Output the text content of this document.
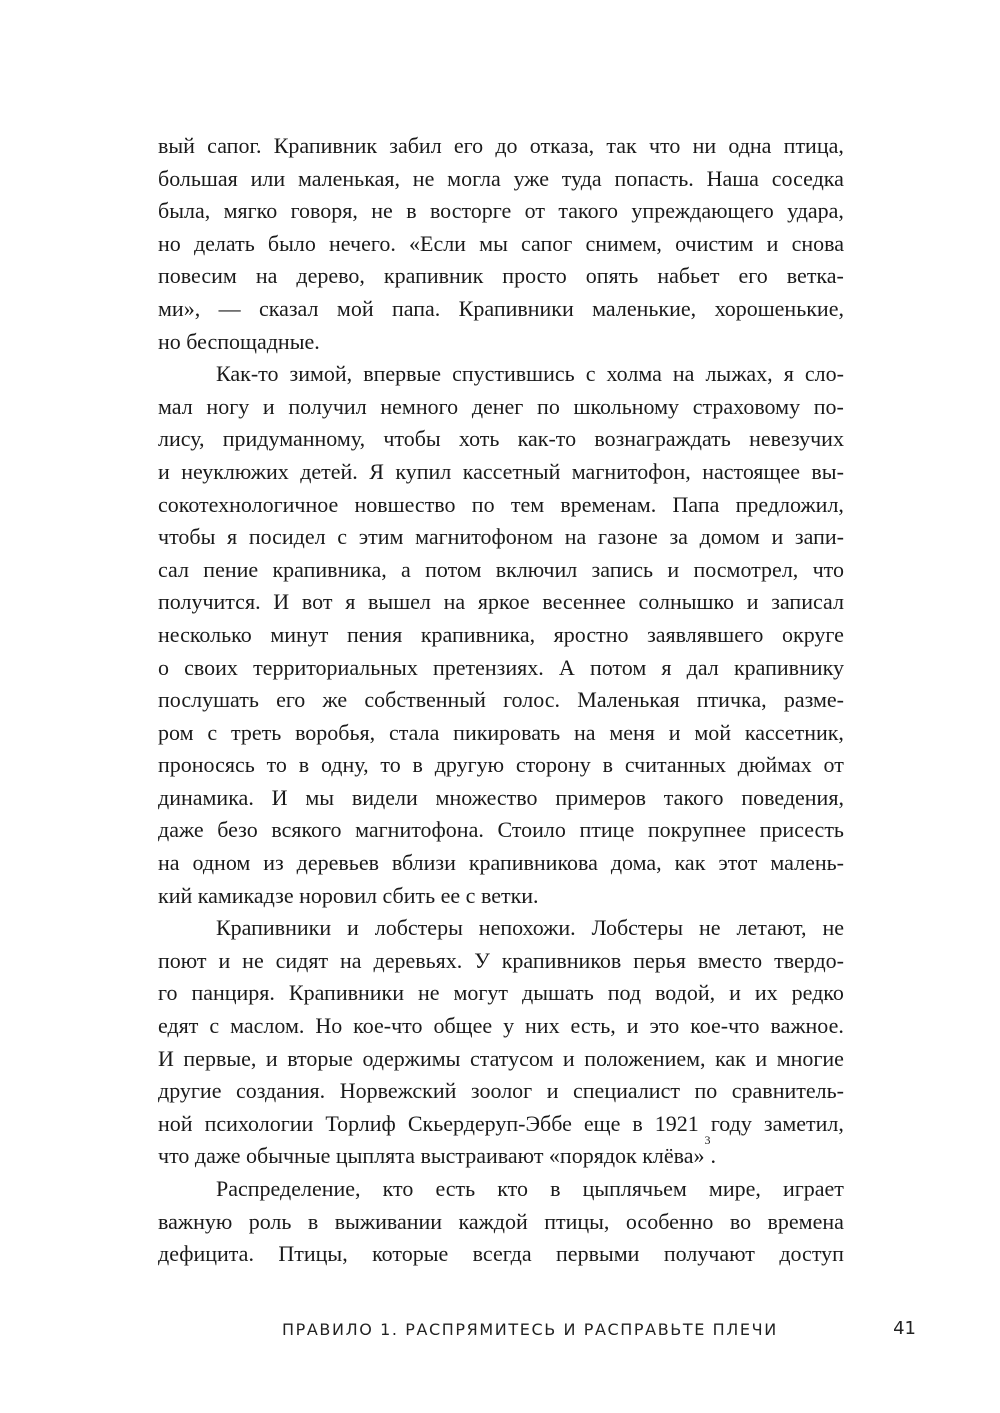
вый сапог. Крапивник забил его до отказа, так что ни одна птица,
большая или маленькая, не могла уже туда попасть. Наша соседка
была, мягко говоря, не в восторге от такого упреждающего удара,
но делать было нечего. «Если мы сапог снимем, очистим и снова
повесим на дерево, крапивник просто опять набьет его ветка-
ми», — сказал мой папа. Крапивники маленькие, хорошенькие,
но беспощадные.
Как-то зимой, впервые спустившись с холма на лыжах, я сло-
мал ногу и получил немного денег по школьному страховому по-
лису, придуманному, чтобы хоть как-то вознаграждать невезучих
и неуклюжих детей. Я купил кассетный магнитофон, настоящее вы-
сокотехнологичное новшество по тем временам. Папа предложил,
чтобы я посидел с этим магнитофоном на газоне за домом и запи-
сал пение крапивника, а потом включил запись и посмотрел, что
получится. И вот я вышел на яркое весеннее солнышко и записал
несколько минут пения крапивника, яростно заявлявшего округе
о своих территориальных претензиях. А потом я дал крапивнику
послушать его же собственный голос. Маленькая птичка, разме-
ром с треть воробья, стала пикировать на меня и мой кассетник,
проносясь то в одну, то в другую сторону в считанных дюймах от
динамика. И мы видели множество примеров такого поведения,
даже безо всякого магнитофона. Стоило птице покрупнее присесть
на одном из деревьев вблизи крапивникова дома, как этот малень-
кий камикадзе норовил сбить ее с ветки.
Крапивники и лобстеры непохожи. Лобстеры не летают, не
поют и не сидят на деревьях. У крапивников перья вместо твердо-
го панциря. Крапивники не могут дышать под водой, и их редко
едят с маслом. Но кое-что общее у них есть, и это кое-что важное.
И первые, и вторые одержимы статусом и положением, как и многие
другие создания. Норвежский зоолог и специалист по сравнитель-
ной психологии Торлиф Скьердеруп-Эббе еще в 1921 году заметил,
что даже обычные цыплята выстраивают «порядок клёва»
3
.
Распределение, кто есть кто в цыплячьем мире, играет
важную роль в выживании каждой птицы, особенно во времена
дефицита. Птицы, которые всегда первыми получают доступ
ПРАВИЛО 1. РАСПРЯМИТЕСЬ И РАСПРАВЬТЕ ПЛЕЧИ	41
